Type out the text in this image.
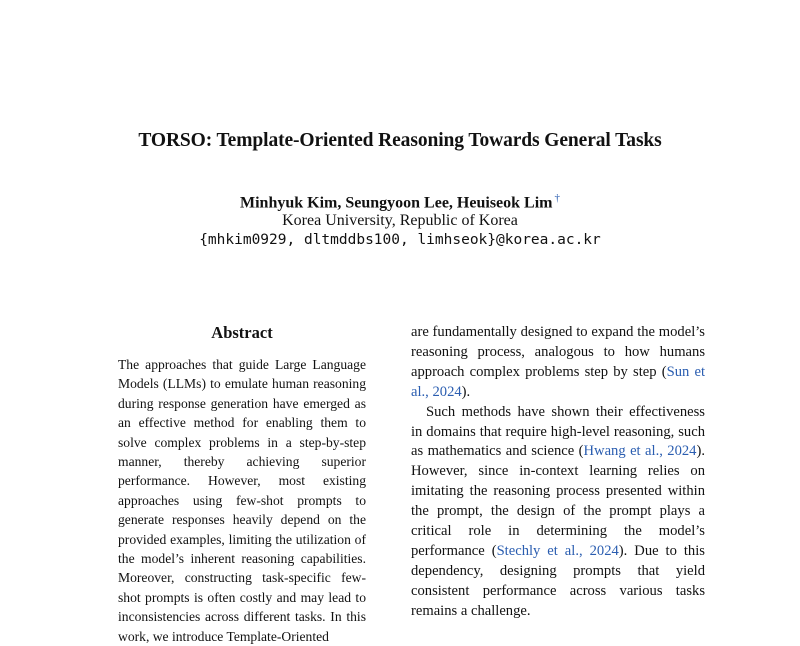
TORSO: Template-Oriented Reasoning Towards General Tasks
Minhyuk Kim, Seungyoon Lee, Heuiseok Lim †
Korea University, Republic of Korea
{mhkim0929, dltmddbs100, limhseok}@korea.ac.kr
Abstract

The approaches that guide Large Language Models (LLMs) to emulate human reasoning during response generation have emerged as an effective method for enabling them to solve complex problems in a step-by-step manner, thereby achieving superior performance. However, most existing approaches using few-shot prompts to generate responses heavily depend on the provided examples, limiting the utilization of the model’s inherent reasoning capabilities. Moreover, constructing task-specific few-shot prompts is often costly and may lead to inconsistencies across different tasks. In this work, we introduce Template-Oriented

are fundamentally designed to expand the model’s reasoning process, analogous to how humans approach complex problems step by step (Sun et al., 2024).

Such methods have shown their effectiveness in domains that require high-level reasoning, such as mathematics and science (Hwang et al., 2024). However, since in-context learning relies on imitating the reasoning process presented within the prompt, the design of the prompt plays a critical role in determining the model’s performance (Stechly et al., 2024). Due to this dependency, designing prompts that yield consistent performance across various tasks remains a challenge.
